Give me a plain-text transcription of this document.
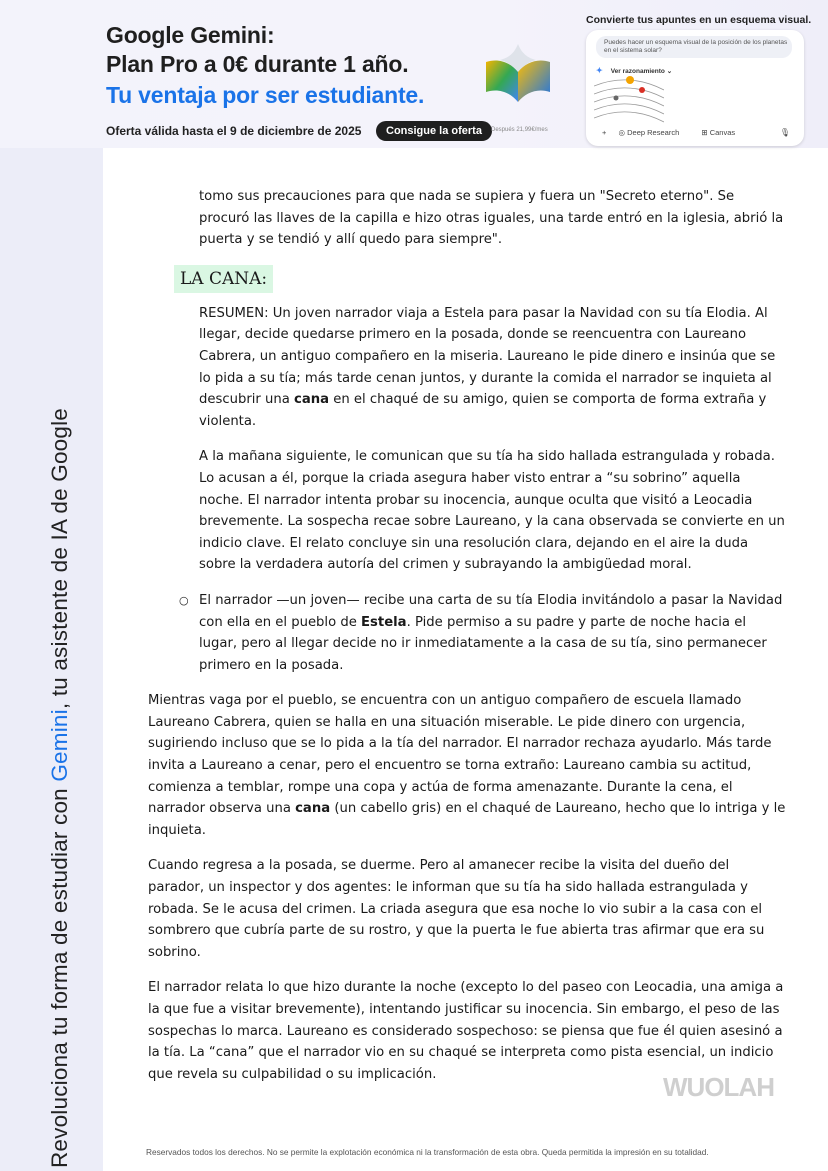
Google Gemini:
Plan Pro a 0€ durante 1 año.
Tu ventaja por ser estudiante.
Oferta válida hasta el 9 de diciembre de 2025	Consigue la oferta	Después 21,99€/mes
Convierte tus apuntes en un esquema visual.
Puedes hacer un esquema visual de la posición de los planetas en el sistema solar?
✦ Ver razonamiento ⌄
+ ◎ Deep Research	⊞ Canvas	🎙
Revoluciona tu forma de estudiar con Gemini, tu asistente de IA de Google

tomo sus precauciones para que nada se supiera y fuera un "Secreto eterno". Se procuró las llaves de la capilla e hizo otras iguales, una tarde entró en la iglesia, abrió la puerta y se tendió y allí quedo para siempre".

LA CANA:

RESUMEN: Un joven narrador viaja a Estela para pasar la Navidad con su tía Elodia. Al llegar, decide quedarse primero en la posada, donde se reencuentra con Laureano Cabrera, un antiguo compañero en la miseria. Laureano le pide dinero e insinúa que se lo pida a su tía; más tarde cenan juntos, y durante la comida el narrador se inquieta al descubrir una cana en el chaqué de su amigo, quien se comporta de forma extraña y violenta.

A la mañana siguiente, le comunican que su tía ha sido hallada estrangulada y robada. Lo acusan a él, porque la criada asegura haber visto entrar a “su sobrino” aquella noche. El narrador intenta probar su inocencia, aunque oculta que visitó a Leocadia brevemente. La sospecha recae sobre Laureano, y la cana observada se convierte en un indicio clave. El relato concluye sin una resolución clara, dejando en el aire la duda sobre la verdadera autoría del crimen y subrayando la ambigüedad moral.

○ El narrador —un joven— recibe una carta de su tía Elodia invitándolo a pasar la Navidad con ella en el pueblo de Estela. Pide permiso a su padre y parte de noche hacia el lugar, pero al llegar decide no ir inmediatamente a la casa de su tía, sino permanecer primero en la posada.

Mientras vaga por el pueblo, se encuentra con un antiguo compañero de escuela llamado Laureano Cabrera, quien se halla en una situación miserable. Le pide dinero con urgencia, sugiriendo incluso que se lo pida a la tía del narrador. El narrador rechaza ayudarlo. Más tarde invita a Laureano a cenar, pero el encuentro se torna extraño: Laureano cambia su actitud, comienza a temblar, rompe una copa y actúa de forma amenazante. Durante la cena, el narrador observa una cana (un cabello gris) en el chaqué de Laureano, hecho que lo intriga y le inquieta.

Cuando regresa a la posada, se duerme. Pero al amanecer recibe la visita del dueño del parador, un inspector y dos agentes: le informan que su tía ha sido hallada estrangulada y robada. Se le acusa del crimen. La criada asegura que esa noche lo vio subir a la casa con el sombrero que cubría parte de su rostro, y que la puerta le fue abierta tras afirmar que era su sobrino.

El narrador relata lo que hizo durante la noche (excepto lo del paseo con Leocadia, una amiga a la que fue a visitar brevemente), intentando justificar su inocencia. Sin embargo, el peso de las sospechas lo marca. Laureano es considerado sospechoso: se piensa que fue él quien asesinó a la tía. La “cana” que el narrador vio en su chaqué se interpreta como pista esencial, un indicio que revela su culpabilidad o su implicación.	WUOLAH
Reservados todos los derechos. No se permite la explotación económica ni la transformación de esta obra. Queda permitida la impresión en su totalidad.
